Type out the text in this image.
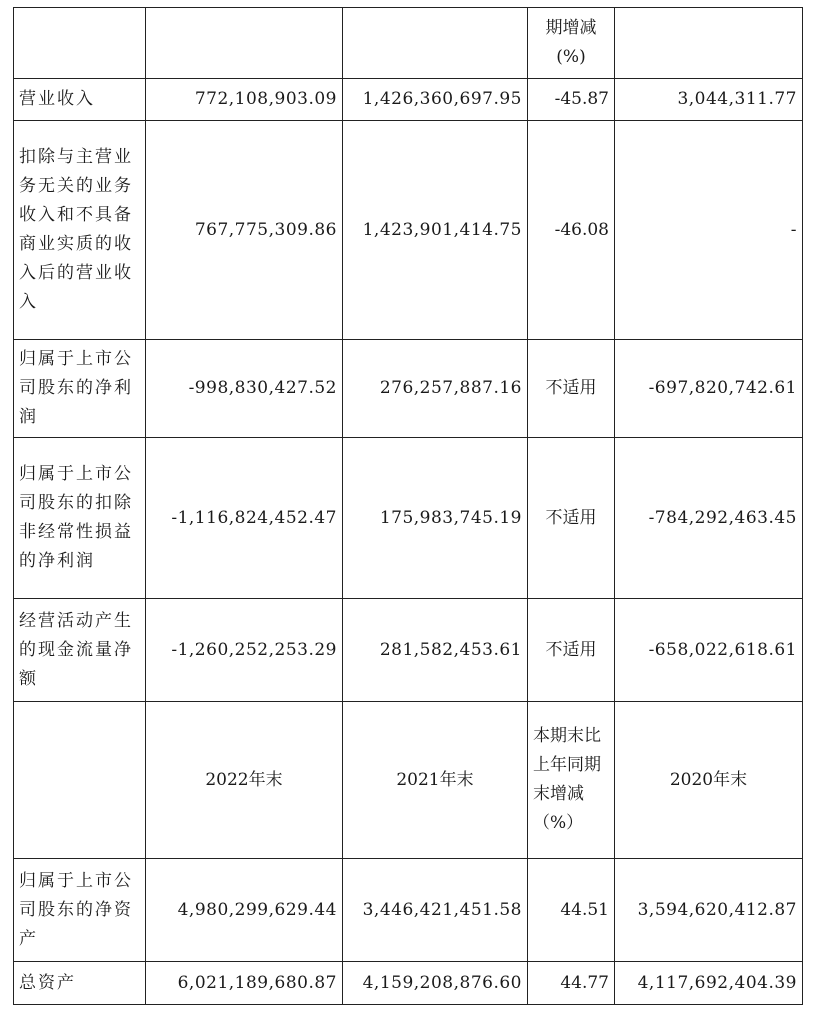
			期增减(%)	
营业收入	772,108,903.09	1,426,360,697.95	-45.87	3,044,311.77
扣除与主营业务无关的业务收入和不具备商业实质的收入后的营业收入	767,775,309.86	1,423,901,414.75	-46.08	-
归属于上市公司股东的净利润	-998,830,427.52	276,257,887.16	不适用	-697,820,742.61
归属于上市公司股东的扣除非经常性损益的净利润	-1,116,824,452.47	175,983,745.19	不适用	-784,292,463.45
经营活动产生的现金流量净额	-1,260,252,253.29	281,582,453.61	不适用	-658,022,618.61
	2022年末	2021年末	本期末比上年同期末增减（%）	2020年末
归属于上市公司股东的净资产	4,980,299,629.44	3,446,421,451.58	44.51	3,594,620,412.87
总资产	6,021,189,680.87	4,159,208,876.60	44.77	4,117,692,404.39
